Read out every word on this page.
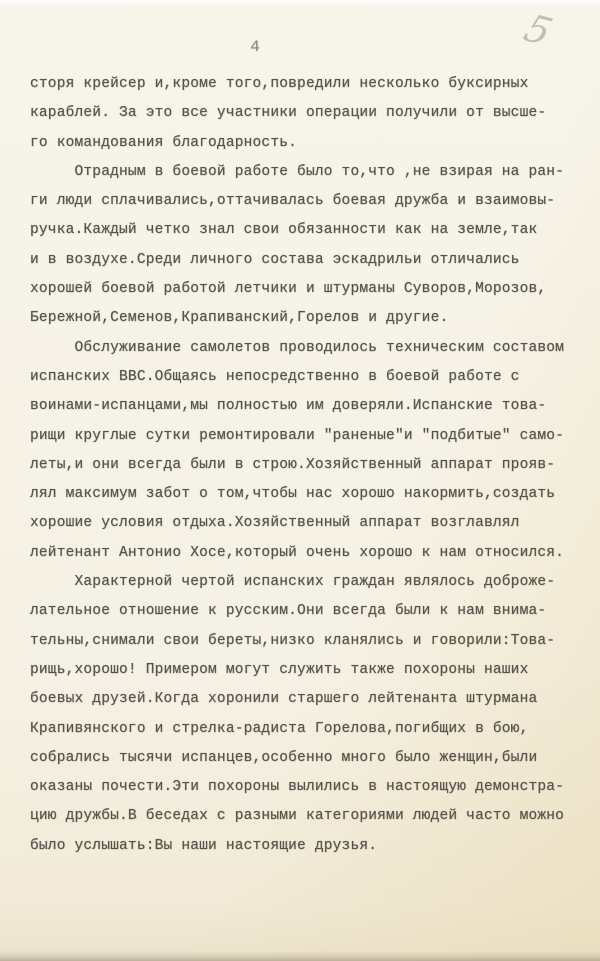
4	5
сторя крейсер и,кроме того,повредили несколько буксирных
караблей. За это все участники операции получили от высше-
го командования благодарность.
Отрадным в боевой работе было то,что ,не взирая на ран-
ги люди сплачивались,оттачивалась боевая дружба и взаимовы-
ручка.Каждый четко знал свои обязанности как на земле,так
и в воздухе.Среди личного состава эскадрильи отличались
хорошей боевой работой летчики и штурманы Суворов,Морозов,
Бережной,Семенов,Крапиванский,Горелов и другие.
Обслуживание самолетов проводилось техническим составом
испанских ВВС.Общаясь непосредственно в боевой работе с
воинами-испанцами,мы полностью им доверяли.Испанские това-
рищи круглые сутки ремонтировали "раненые"и "подбитые" само-
леты,и они всегда были в строю.Хозяйственный аппарат прояв-
лял максимум забот о том,чтобы нас хорошо накормить,создать
хорошие условия отдыха.Хозяйственный аппарат возглавлял
лейтенант Антонио Хосе,который очень хорошо к нам относился.
Характерной чертой испанских граждан являлось доброже-
лательное отношение к русским.Они всегда были к нам внима-
тельны,снимали свои береты,низко кланялись и говорили:Това-
рищь,хорошо! Примером могут служить также похороны наших
боевых друзей.Когда хоронили старшего лейтенанта штурмана
Крапивянского и стрелка-радиста Горелова,погибщих в бою,
собрались тысячи испанцев,особенно много было женщин,были
оказаны почести.Эти похороны вылились в настоящую демонстра-
цию дружбы.В беседах с разными категориями людей часто можно
было услышать:Вы наши настоящие друзья.
